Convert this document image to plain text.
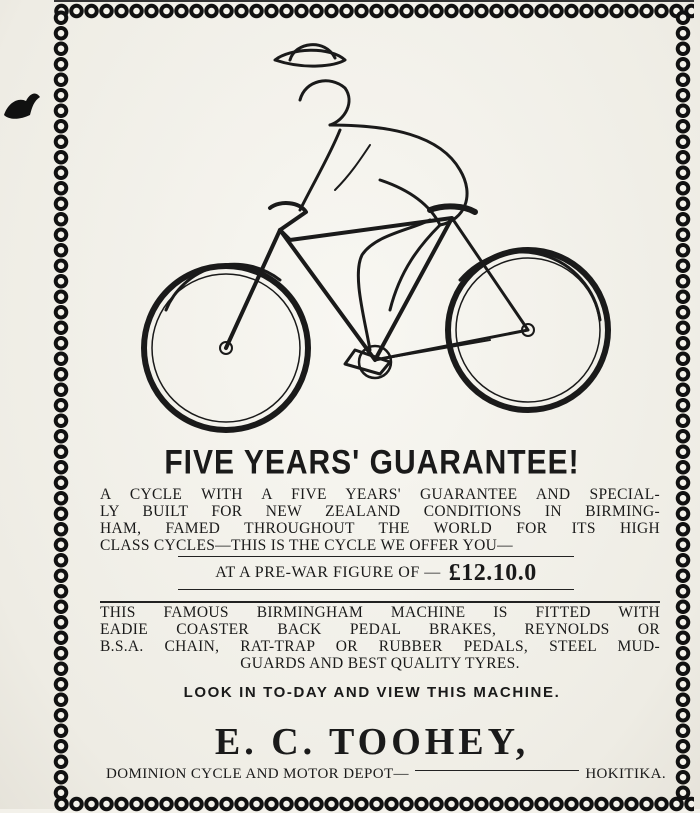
FIVE YEARS' GUARANTEE!
A CYCLE WITH A FIVE YEARS' GUARANTEE AND SPECIAL-
LY BUILT FOR NEW ZEALAND CONDITIONS IN BIRMING-
HAM, FAMED THROUGHOUT THE WORLD FOR ITS HIGH
CLASS CYCLES—THIS IS THE CYCLE WE OFFER YOU—
AT A PRE-WAR FIGURE OF — £12.10.0
THIS FAMOUS BIRMINGHAM MACHINE IS FITTED WITH
EADIE COASTER BACK PEDAL BRAKES, REYNOLDS OR
B.S.A. CHAIN, RAT-TRAP OR RUBBER PEDALS, STEEL MUD-
GUARDS AND BEST QUALITY TYRES.
LOOK IN TO-DAY AND VIEW THIS MACHINE.
E. C. TOOHEY,
DOMINION CYCLE AND MOTOR DEPOT—	HOKITIKA.
